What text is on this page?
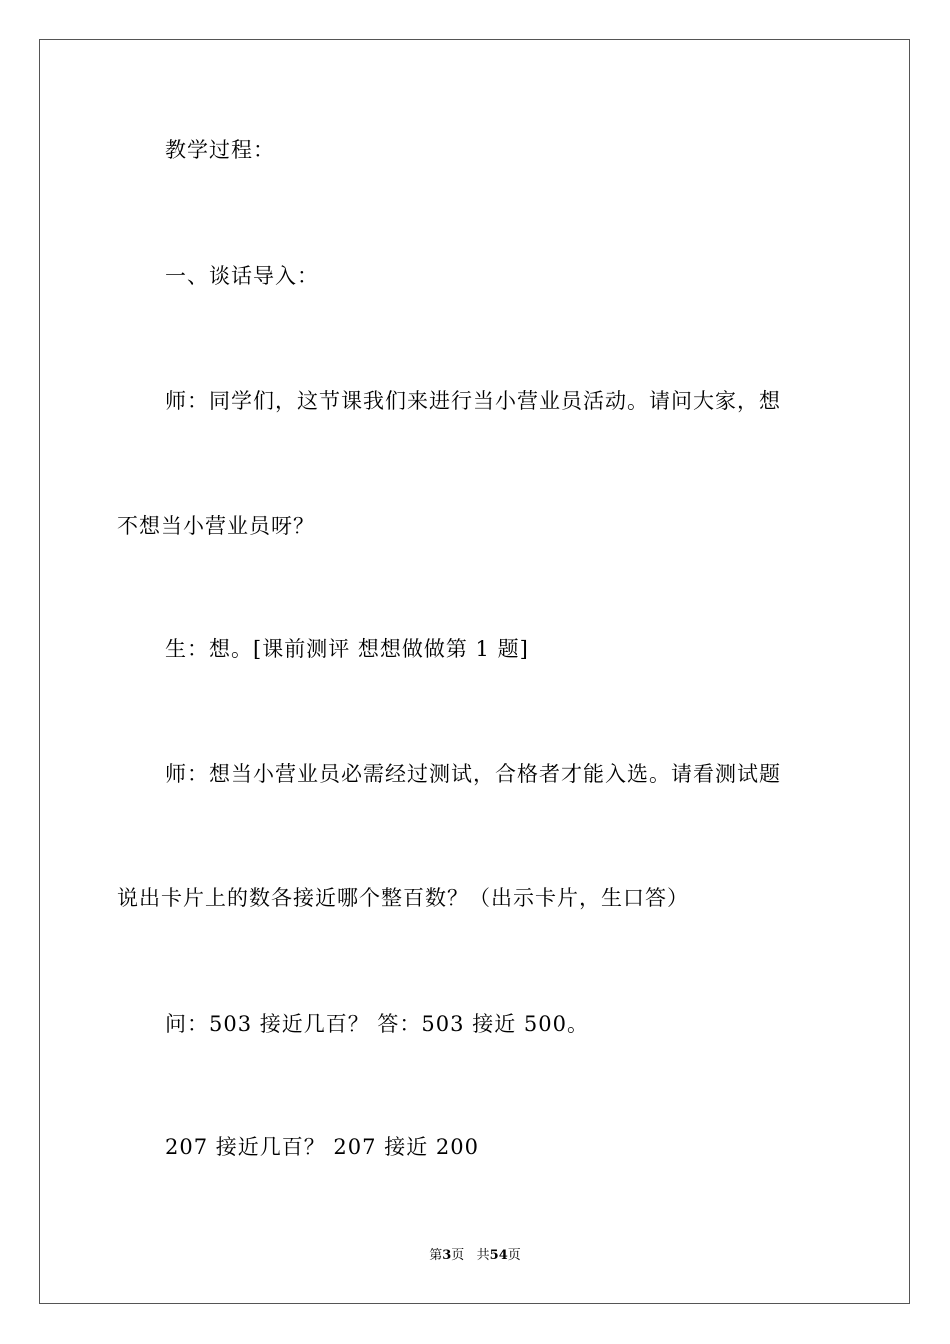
教学过程：
一、谈话导入：
师：同学们，这节课我们来进行当小营业员活动。请问大家，想
不想当小营业员呀？
生：想。[课前测评 想想做做第 1 题]
师：想当小营业员必需经过测试，合格者才能入选。请看测试题
说出卡片上的数各接近哪个整百数？（出示卡片，生口答）
问：503 接近几百？ 答：503 接近 500。
207 接近几百？ 207 接近 200
第3页   共54页
